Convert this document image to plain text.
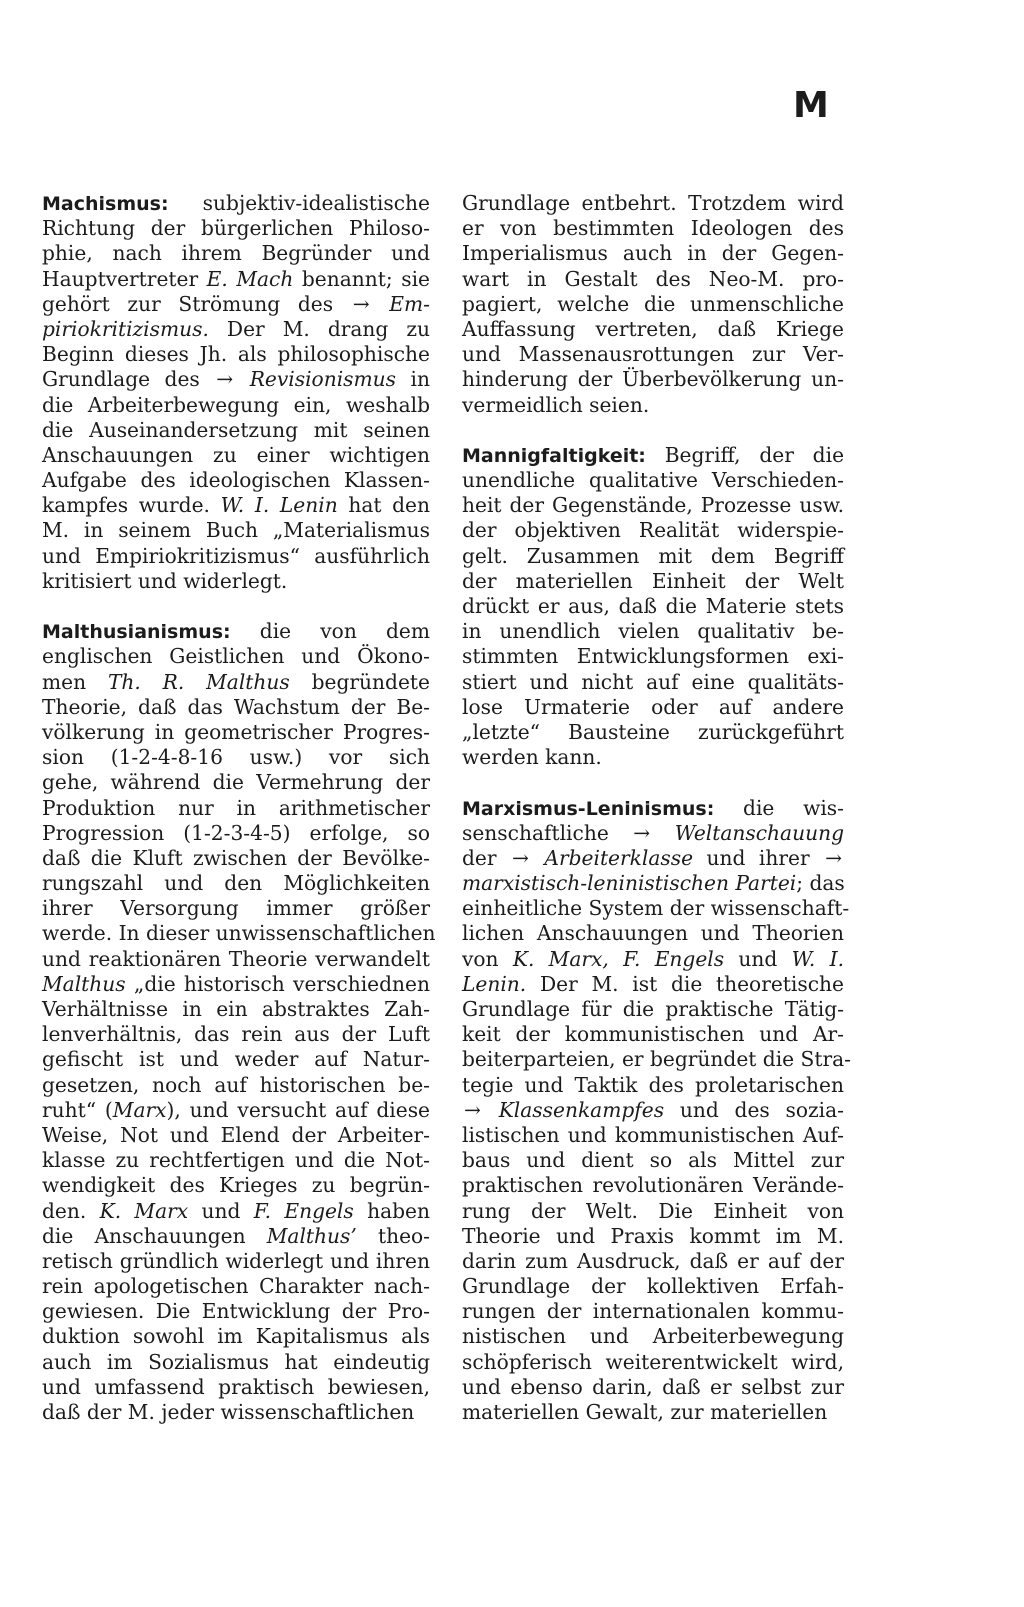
M
Machismus: subjektiv-idealistische
Richtung der bürgerlichen Philoso-
phie, nach ihrem Begründer und
Hauptvertreter E. Mach benannt; sie
gehört zur Strömung des → Em-
piriokritizismus. Der M. drang zu
Beginn dieses Jh. als philosophische
Grundlage des → Revisionismus in
die Arbeiterbewegung ein, weshalb
die Auseinandersetzung mit seinen
Anschauungen zu einer wichtigen
Aufgabe des ideologischen Klassen-
kampfes wurde. W. I. Lenin hat den
M. in seinem Buch „Materialismus
und Empiriokritizismus“ ausführlich
kritisiert und widerlegt.
Malthusianismus: die von dem
englischen Geistlichen und Ökono-
men Th. R. Malthus begründete
Theorie, daß das Wachstum der Be-
völkerung in geometrischer Progres-
sion (1-2-4-8-16 usw.) vor sich
gehe, während die Vermehrung der
Produktion nur in arithmetischer
Progression (1-2-3-4-5) erfolge, so
daß die Kluft zwischen der Bevölke-
rungszahl und den Möglichkeiten
ihrer Versorgung immer größer
werde. In dieser unwissenschaftlichen
und reaktionären Theorie verwandelt
Malthus „die historisch verschiednen
Verhältnisse in ein abstraktes Zah-
lenverhältnis, das rein aus der Luft
gefischt ist und weder auf Natur-
gesetzen, noch auf historischen be-
ruht“ (Marx), und versucht auf diese
Weise, Not und Elend der Arbeiter-
klasse zu rechtfertigen und die Not-
wendigkeit des Krieges zu begrün-
den. K. Marx und F. Engels haben
die Anschauungen Malthus’ theo-
retisch gründlich widerlegt und ihren
rein apologetischen Charakter nach-
gewiesen. Die Entwicklung der Pro-
duktion sowohl im Kapitalismus als
auch im Sozialismus hat eindeutig
und umfassend praktisch bewiesen,
daß der M. jeder wissenschaftlichen
Grundlage entbehrt. Trotzdem wird
er von bestimmten Ideologen des
Imperialismus auch in der Gegen-
wart in Gestalt des Neo-M. pro-
pagiert, welche die unmenschliche
Auffassung vertreten, daß Kriege
und Massenausrottungen zur Ver-
hinderung der Überbevölkerung un-
vermeidlich seien.
Mannigfaltigkeit: Begriff, der die
unendliche qualitative Verschieden-
heit der Gegenstände, Prozesse usw.
der objektiven Realität widerspie-
gelt. Zusammen mit dem Begriff
der materiellen Einheit der Welt
drückt er aus, daß die Materie stets
in unendlich vielen qualitativ be-
stimmten Entwicklungsformen exi-
stiert und nicht auf eine qualitäts-
lose Urmaterie oder auf andere
„letzte“ Bausteine zurückgeführt
werden kann.
Marxismus-Leninismus: die wis-
senschaftliche → Weltanschauung
der → Arbeiterklasse und ihrer →
marxistisch-leninistischen Partei; das
einheitliche System der wissenschaft-
lichen Anschauungen und Theorien
von K. Marx, F. Engels und W. I.
Lenin. Der M. ist die theoretische
Grundlage für die praktische Tätig-
keit der kommunistischen und Ar-
beiterparteien, er begründet die Stra-
tegie und Taktik des proletarischen
→ Klassenkampfes und des sozia-
listischen und kommunistischen Auf-
baus und dient so als Mittel zur
praktischen revolutionären Verände-
rung der Welt. Die Einheit von
Theorie und Praxis kommt im M.
darin zum Ausdruck, daß er auf der
Grundlage der kollektiven Erfah-
rungen der internationalen kommu-
nistischen und Arbeiterbewegung
schöpferisch weiterentwickelt wird,
und ebenso darin, daß er selbst zur
materiellen Gewalt, zur materiellen
